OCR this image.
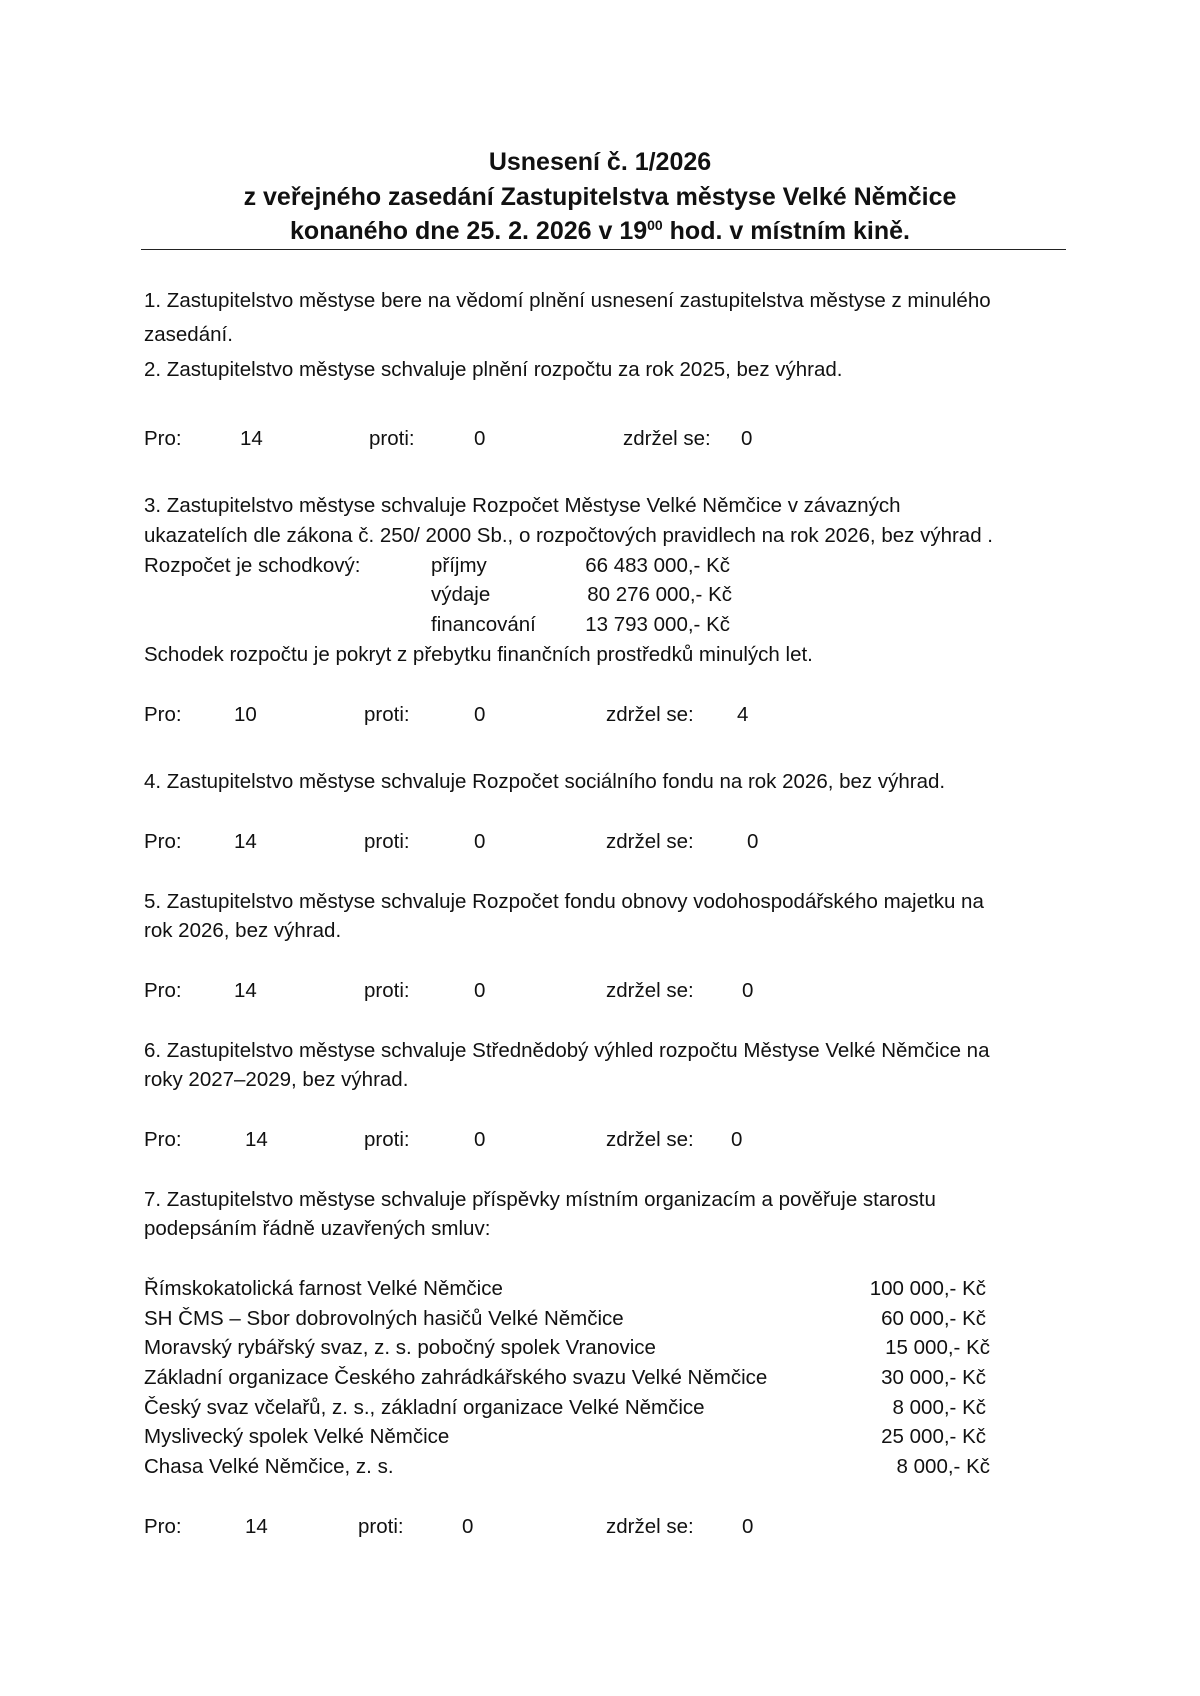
Usnesení č. 1/2026
z veřejného zasedání Zastupitelstva městyse Velké Němčice
konaného dne 25. 2. 2026 v $19^{00}$ hod. v místním kině.
1. Zastupitelstvo městyse bere na vědomí plnění usnesení zastupitelstva městyse z minulého
zasedání.
2. Zastupitelstvo městyse schvaluje plnění rozpočtu za rok 2025, bez výhrad.
Pro:	14	proti:	0	zdržel se: 0
3. Zastupitelstvo městyse schvaluje Rozpočet Městyse Velké Němčice v závazných
ukazatelích dle zákona č. 250/ 2000 Sb., o rozpočtových pravidlech na rok 2026, bez výhrad .
Rozpočet je schodkový:	příjmy	66 483 000,- Kč
výdaje	80 276 000,- Kč
financování	13 793 000,- Kč
Schodek rozpočtu je pokryt z přebytku finančních prostředků minulých let.
Pro:	10	proti:	0	zdržel se: 4
4. Zastupitelstvo městyse schvaluje Rozpočet sociálního fondu na rok 2026, bez výhrad.
Pro:	14	proti:	0	zdržel se:	0
5. Zastupitelstvo městyse schvaluje Rozpočet fondu obnovy vodohospodářského majetku na
rok 2026, bez výhrad.
Pro:	14	proti:	0	zdržel se: 0
6. Zastupitelstvo městyse schvaluje Střednědobý výhled rozpočtu Městyse Velké Němčice na
roky 2027–2029, bez výhrad.
Pro:	14	proti:	0	zdržel se: 0
7. Zastupitelstvo městyse schvaluje příspěvky místním organizacím a pověřuje starostu
podepsáním řádně uzavřených smluv:
Římskokatolická farnost Velké Němčice	100 000,- Kč
SH ČMS – Sbor dobrovolných hasičů Velké Němčice	60 000,- Kč
Moravský rybářský svaz, z. s. pobočný spolek Vranovice	15 000,- Kč
Základní organizace Českého zahrádkářského svazu Velké Němčice	30 000,- Kč
Český svaz včelařů, z. s., základní organizace Velké Němčice	8 000,- Kč
Myslivecký spolek Velké Němčice	25 000,- Kč
Chasa Velké Němčice, z. s.	8 000,- Kč
Pro:	14	proti:	0	zdržel se: 0
